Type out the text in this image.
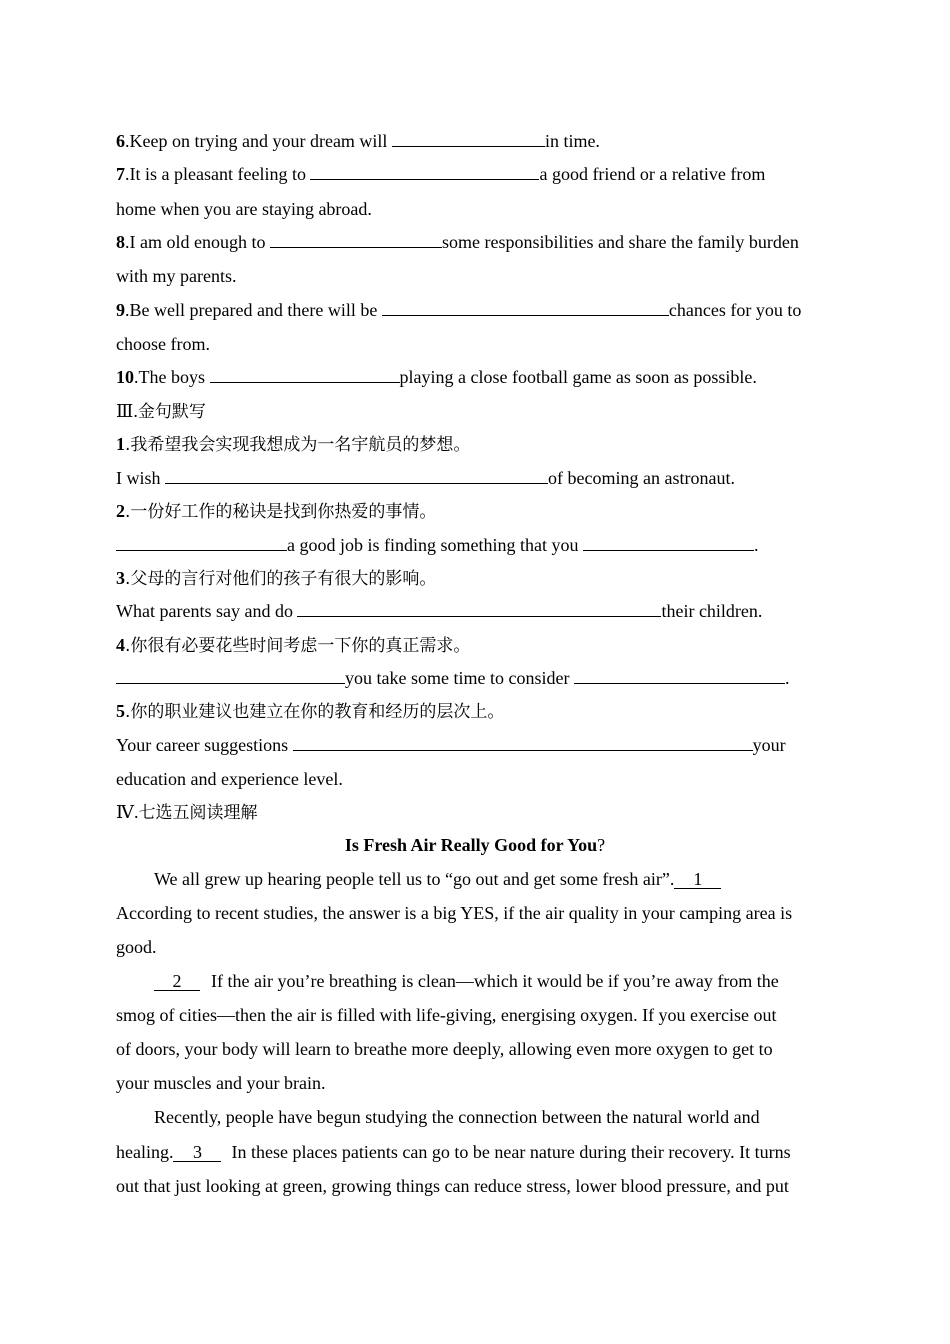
6.Keep on trying and your dream will	in time.
7.It is a pleasant feeling to	a good friend or a relative from
home when you are staying abroad.
8.I am old enough to	some responsibilities and share the family burden
with my parents.
9.Be well prepared and there will be	chances for you to
choose from.
10.The boys	playing a close football game as soon as possible.
Ⅲ.金句默写
1.我希望我会实现我想成为一名宇航员的梦想。
I wish	of becoming an astronaut.
2.一份好工作的秘诀是找到你热爱的事情。
a good job is finding something that you	.
3.父母的言行对他们的孩子有很大的影响。
What parents say and do	their children.
4.你很有必要花些时间考虑一下你的真正需求。
you take some time to consider	.
5.你的职业建议也建立在你的教育和经历的层次上。
Your career suggestions	your
education and experience level.
Ⅳ.七选五阅读理解
Is Fresh Air Really Good for You?
We all grew up hearing people tell us to “go out and get some fresh air”. 1
According to recent studies, the answer is a big YES, if the air quality in your camping area is
good.
2 If the air you’re breathing is clean—which it would be if you’re away from the
smog of cities—then the air is filled with life-giving, energising oxygen. If you exercise out
of doors, your body will learn to breathe more deeply, allowing even more oxygen to get to
your muscles and your brain.
Recently, people have begun studying the connection between the natural world and
healing. 3 In these places patients can go to be near nature during their recovery. It turns
out that just looking at green, growing things can reduce stress, lower blood pressure, and put
